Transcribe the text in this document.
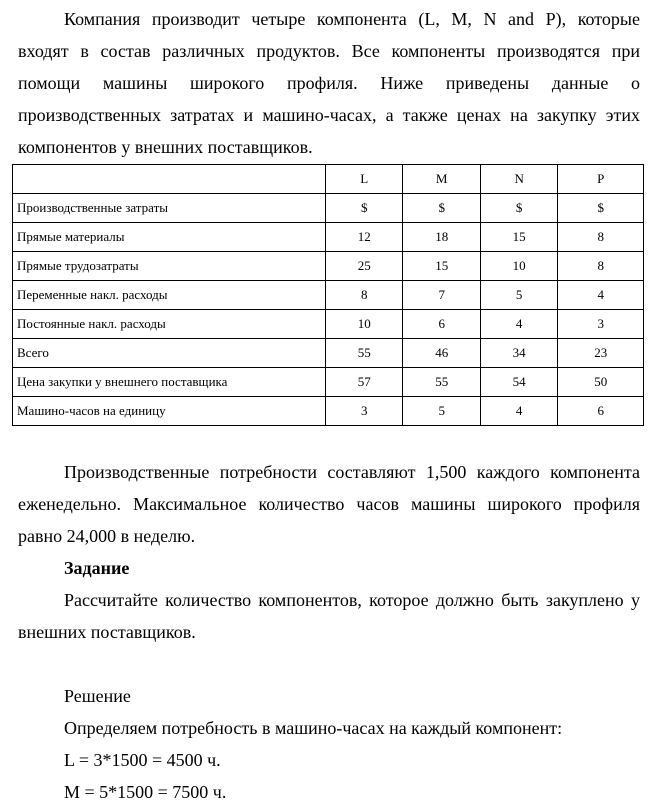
Компания производит четыре компонента (L, M, N and P), которые
входят в состав различных продуктов. Все компоненты производятся при
помощи машины широкого профиля. Ниже приведены данные о
производственных затратах и машино-часах, а также ценах на закупку этих
компонентов у внешних поставщиков.
	L	M	N	P
Производственные затраты	$	$	$	$
Прямые материалы	12	18	15	8
Прямые трудозатраты	25	15	10	8
Переменные накл. расходы	8	7	5	4
Постоянные накл. расходы	10	6	4	3
Всего	55	46	34	23
Цена закупки у внешнего поставщика	57	55	54	50
Машино-часов на единицу	3	5	4	6
Производственные потребности составляют 1,500 каждого компонента еженедельно. Максимальное количество часов машины широкого профиля равно 24,000 в неделю.
Задание
Рассчитайте количество компонентов, которое должно быть закуплено у внешних поставщиков.
Решение
Определяем потребность в машино-часах на каждый компонент:
L = 3*1500 = 4500 ч.
M = 5*1500 = 7500 ч.
